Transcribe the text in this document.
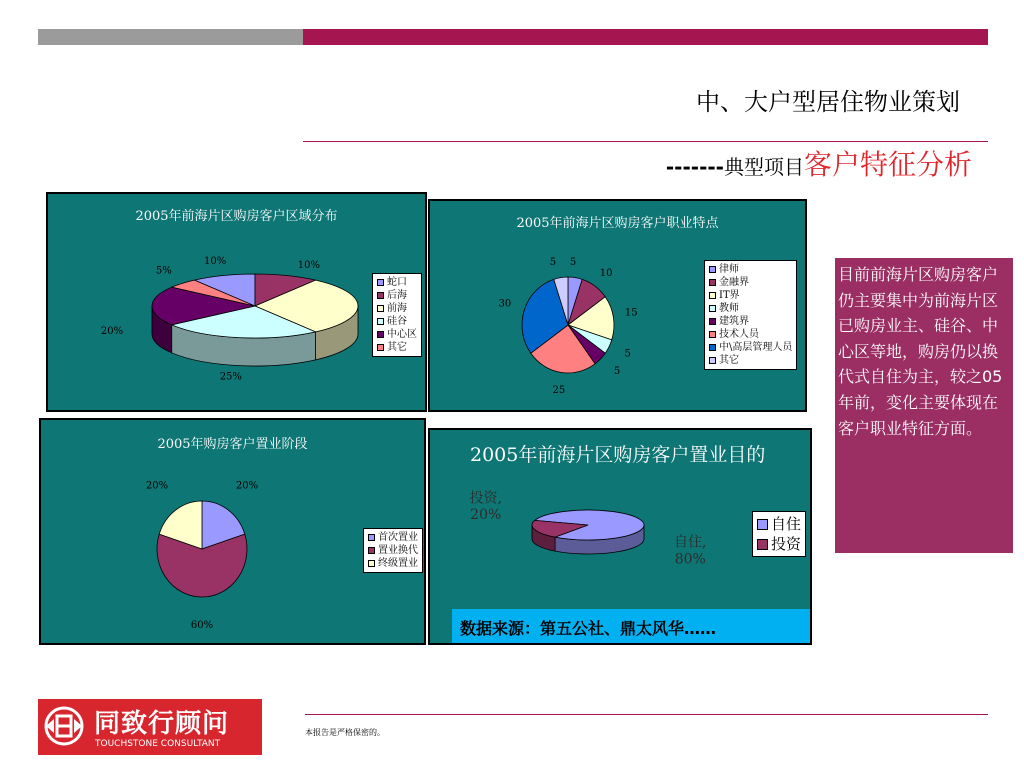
中、大户型居住物业策划
-------典型项目客户特征分析
2005年前海片区购房客户区域分布
10%	10%
25%
20%
5%
蛇口
后海
前海
硅谷
中心区
其它
2005年前海片区购房客户职业特点
5
10
15
5
5
25
30
5
律师
金融界
IT界
教师
建筑界
技术人员
中\高层管理人员
其它
2005年购房客户置业阶段
20%
60%
20%
首次置业
置业换代
终级置业
2005年前海片区购房客户置业目的
自住, 80%
投资, 20%	自住
投资
目前前海片区购房客户仍主要集中为前海片区已购房业主、硅谷、中心区等地，购房仍以换代式自住为主，较之05年前，变化主要体现在客户职业特征方面。
数据来源：第五公社、鼎太风华……
同致行顾问
TOUCHSTONE CONSULTANT
本报告是严格保密的。
